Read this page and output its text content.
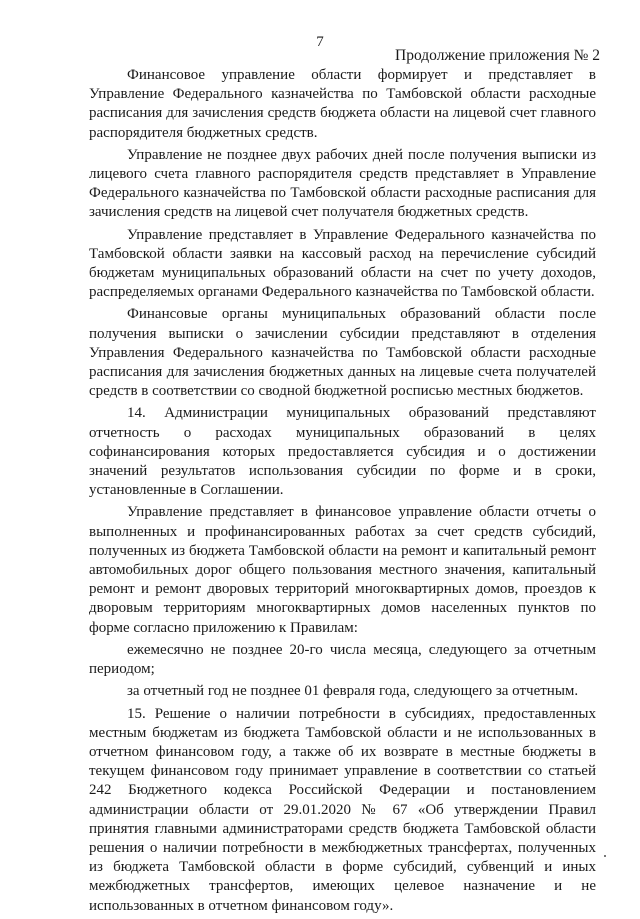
7
Продолжение приложения № 2

Финансовое управление области формирует и представляет в Управление Федерального казначейства по Тамбовской области расходные расписания для зачисления средств бюджета области на лицевой счет главного распорядителя бюджетных средств.

Управление не позднее двух рабочих дней после получения выписки из лицевого счета главного распорядителя средств представляет в Управление Федерального казначейства по Тамбовской области расходные расписания для зачисления средств на лицевой счет получателя бюджетных средств.

Управление представляет в Управление Федерального казначейства по Тамбовской области заявки на кассовый расход на перечисление субсидий бюджетам муниципальных образований области на счет по учету доходов, распределяемых органами Федерального казначейства по Тамбовской области.

Финансовые органы муниципальных образований области после получения выписки о зачислении субсидии представляют в отделения Управления Федерального казначейства по Тамбовской области расходные расписания для зачисления бюджетных данных на лицевые счета получателей средств в соответствии со сводной бюджетной росписью местных бюджетов.

14. Администрации муниципальных образований представляют отчетность о расходах муниципальных образований в целях софинансирования которых предоставляется субсидия и о достижении значений результатов использования субсидии по форме и в сроки, установленные в Соглашении.

Управление представляет в финансовое управление области отчеты о выполненных и профинансированных работах за счет средств субсидий, полученных из бюджета Тамбовской области на ремонт и капитальный ремонт автомобильных дорог общего пользования местного значения, капитальный ремонт и ремонт дворовых территорий многоквартирных домов, проездов к дворовым территориям многоквартирных домов населенных пунктов по форме согласно приложению к Правилам:

ежемесячно не позднее 20-го числа месяца, следующего за отчетным периодом;

за отчетный год не позднее 01 февраля года, следующего за отчетным.

15. Решение о наличии потребности в субсидиях, предоставленных местным бюджетам из бюджета Тамбовской области и не использованных в отчетном финансовом году, а также об их возврате в местные бюджеты в текущем финансовом году принимает управление в соответствии со статьей 242 Бюджетного кодекса Российской Федерации и постановлением администрации области от 29.01.2020 № 67 «Об утверждении Правил принятия главными администраторами средств бюджета Тамбовской области решения о наличии потребности в межбюджетных трансфертах, полученных из бюджета Тамбовской области в форме субсидий, субвенций и иных межбюджетных трансфертов, имеющих целевое назначение и не использованных в отчетном финансовом году».
